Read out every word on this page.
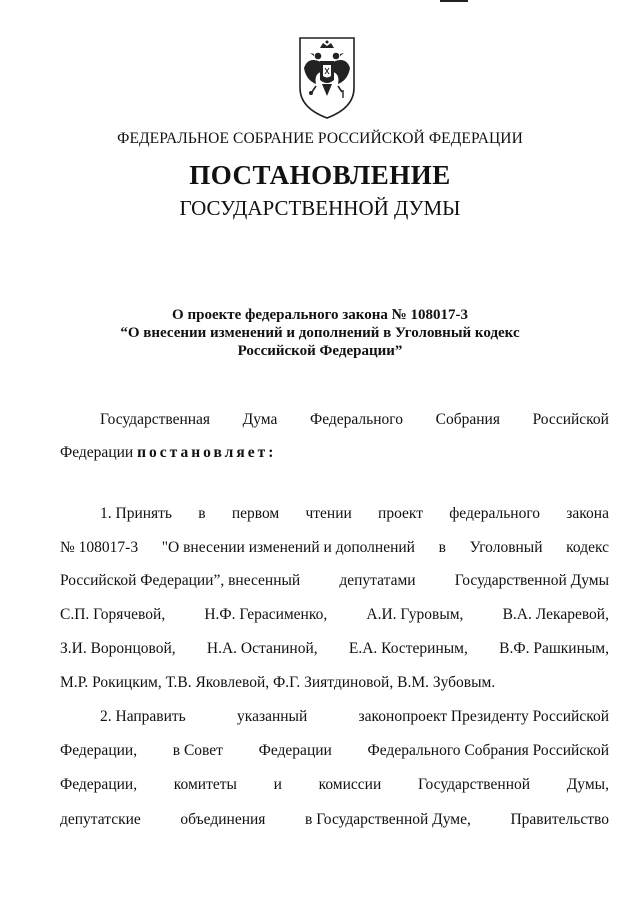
ФЕДЕРАЛЬНОЕ СОБРАНИЕ РОССИЙСКОЙ ФЕДЕРАЦИИ
ПОСТАНОВЛЕНИЕ
ГОСУДАРСТВЕННОЙ ДУМЫ
О проекте федерального закона № 108017-3
“О внесении изменений и дополнений в Уголовный кодекс
Российской Федерации”
Государственная Дума Федерального Собрания Российской
Федерации постановляет:
1. Принять в первом чтении проект федерального закона
№ 108017-3 "О внесении изменений и дополнений в Уголовный кодекс
Российской Федерации”, внесенный	депутатами	Государственной Думы
С.П. Горячевой,	Н.Ф. Герасименко,	А.И. Гуровым,	В.А. Лекаревой,
З.И. Воронцовой, Н.А. Останиной, Е.А. Костериным, В.Ф. Рашкиным,
М.Р. Рокицким, Т.В. Яковлевой, Ф.Г. Зиятдиновой, В.М. Зубовым.
2. Направить	указанный	законопроект Президенту Российской
Федерации, в Совет Федерации Федерального Собрания Российской
Федерации, комитеты и комиссии Государственной Думы,
депутатские	объединения	в Государственной Думе,	Правительство
